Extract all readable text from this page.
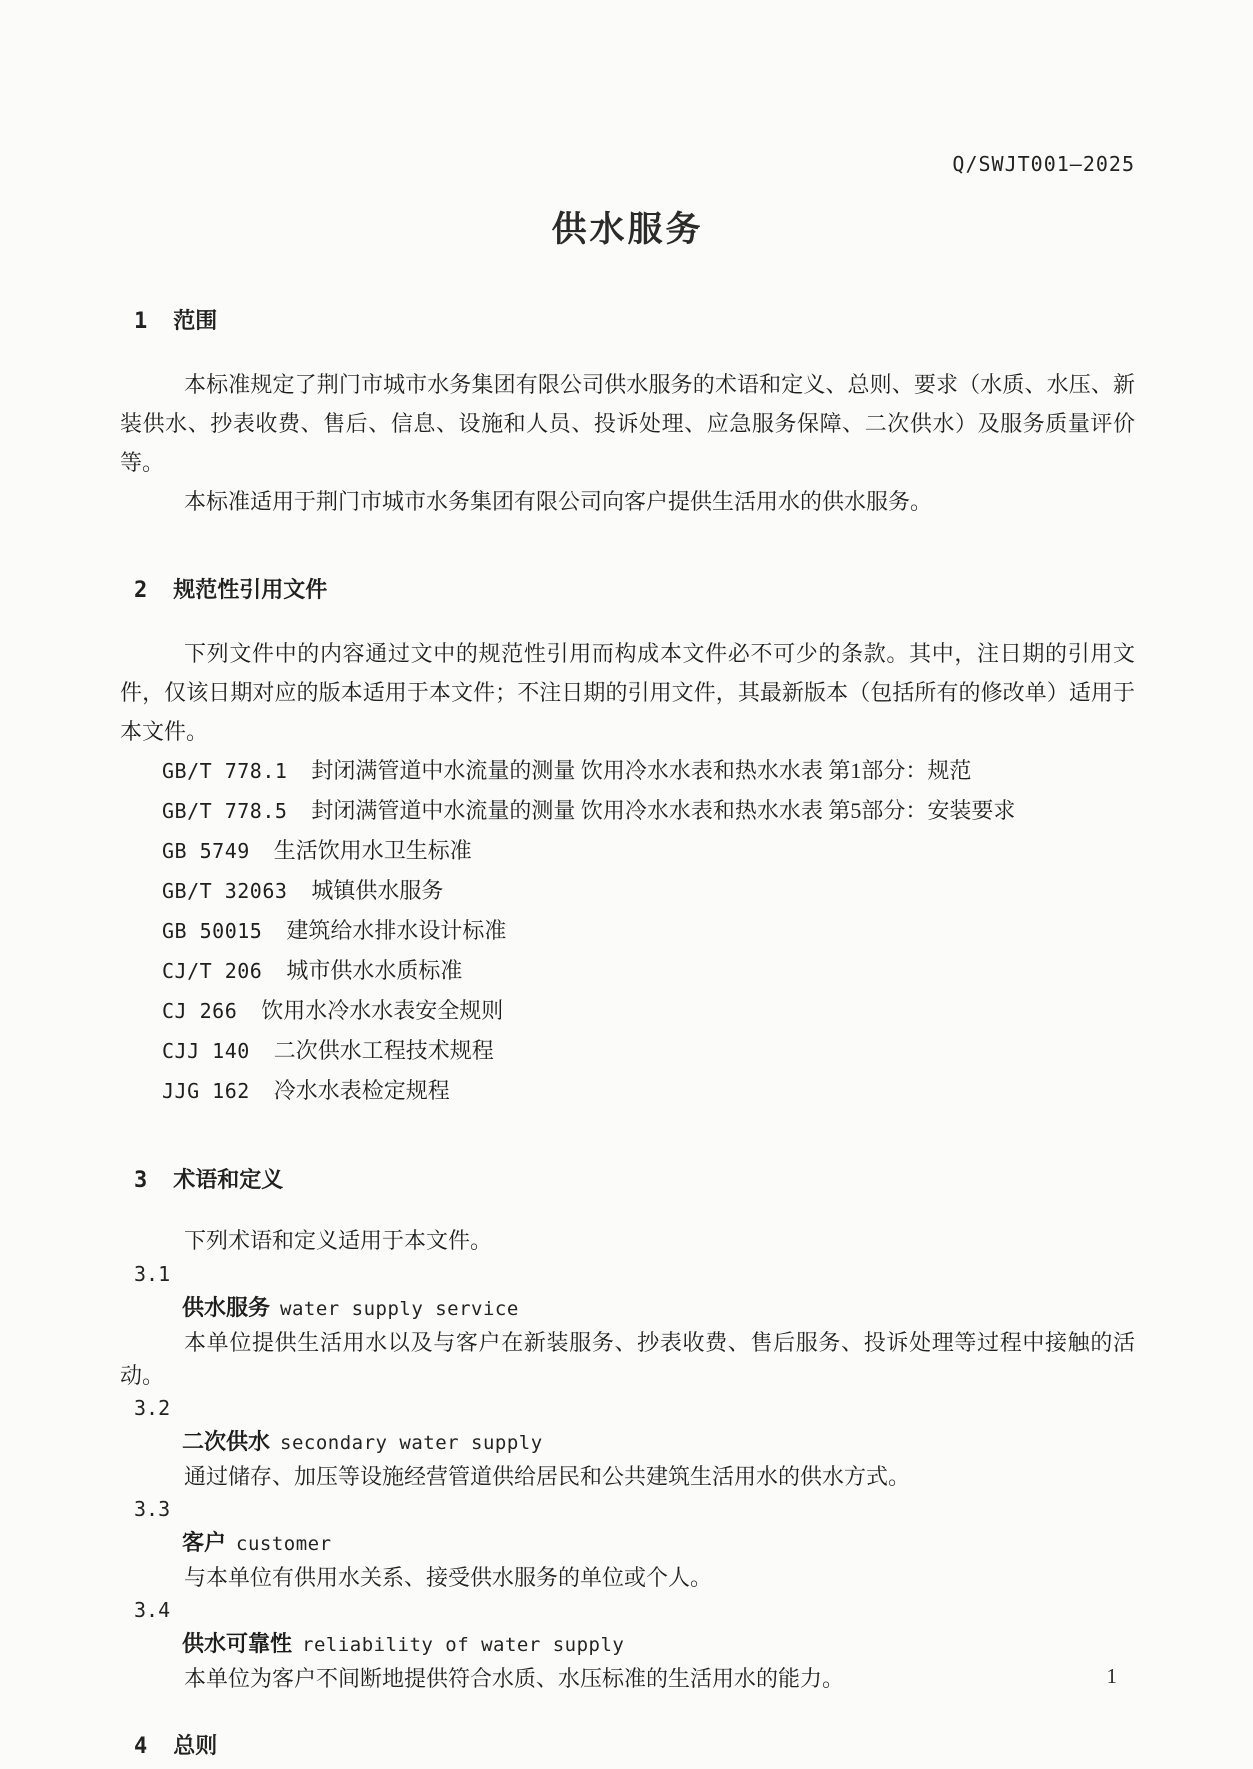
Q/SWJT001—2025
供水服务
1 范围

本标准规定了荆门市城市水务集团有限公司供水服务的术语和定义、总则、要求（水质、水压、新装供水、抄表收费、售后、信息、设施和人员、投诉处理、应急服务保障、二次供水）及服务质量评价等。

本标准适用于荆门市城市水务集团有限公司向客户提供生活用水的供水服务。

2 规范性引用文件

下列文件中的内容通过文中的规范性引用而构成本文件必不可少的条款。其中，注日期的引用文件，仅该日期对应的版本适用于本文件；不注日期的引用文件，其最新版本（包括所有的修改单）适用于本文件。

GB/T 778.1 封闭满管道中水流量的测量 饮用冷水水表和热水水表 第1部分：规范
GB/T 778.5 封闭满管道中水流量的测量 饮用冷水水表和热水水表 第5部分：安装要求
GB 5749 生活饮用水卫生标准
GB/T 32063 城镇供水服务
GB 50015 建筑给水排水设计标准
CJ/T 206 城市供水水质标准
CJ 266 饮用水冷水水表安全规则
CJJ 140 二次供水工程技术规程
JJG 162 冷水水表检定规程
3 术语和定义

下列术语和定义适用于本文件。

3.1
供水服务 water supply service

本单位提供生活用水以及与客户在新装服务、抄表收费、售后服务、投诉处理等过程中接触的活动。

3.2
二次供水 secondary water supply

通过储存、加压等设施经营管道供给居民和公共建筑生活用水的供水方式。

3.3
客户 customer

与本单位有供用水关系、接受供水服务的单位或个人。

3.4
供水可靠性 reliability of water supply

本单位为客户不间断地提供符合水质、水压标准的生活用水的能力。

4 总则
1
